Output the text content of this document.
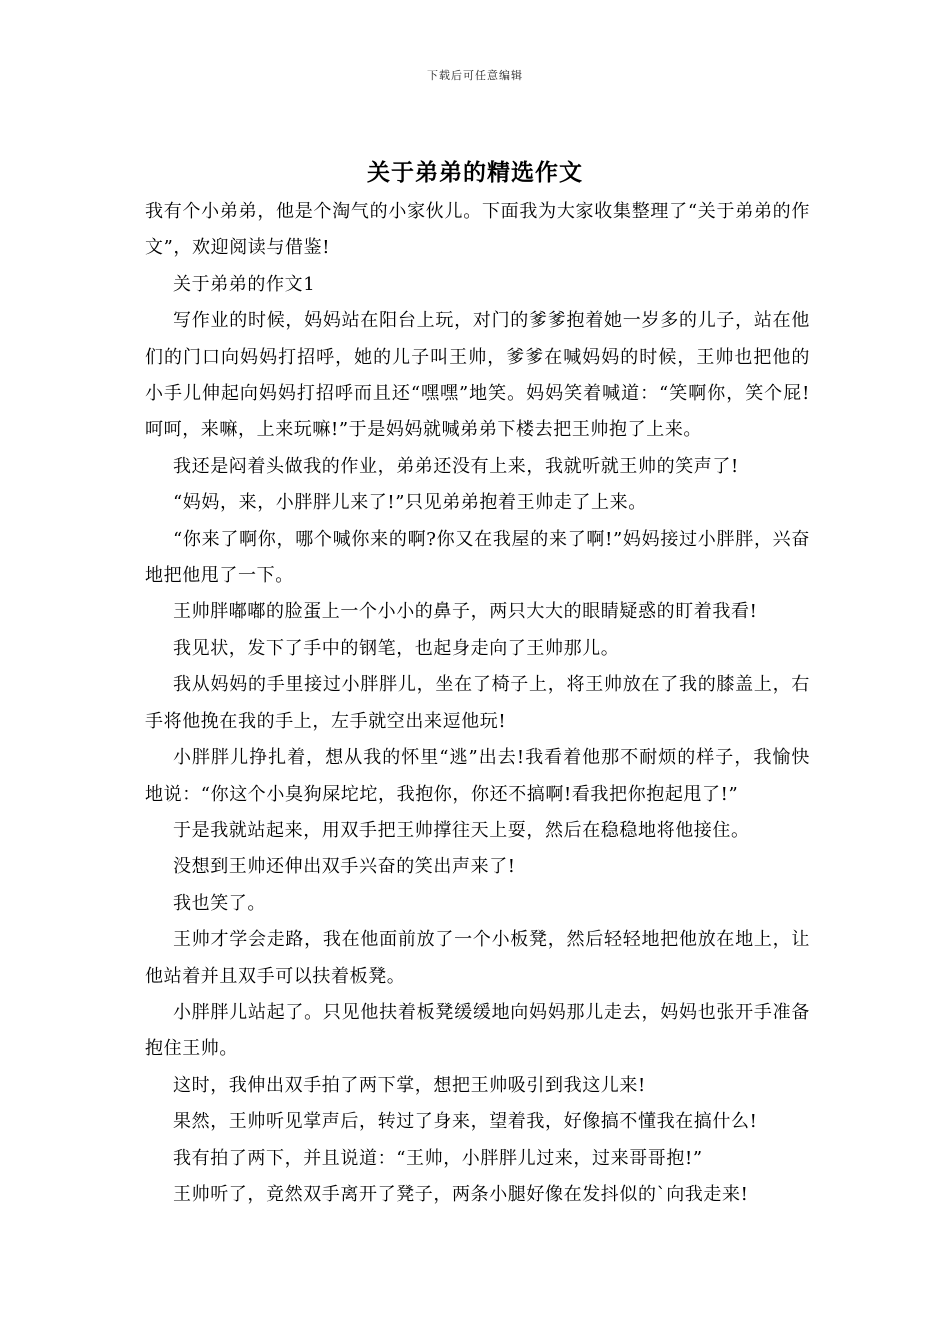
下载后可任意编辑
关于弟弟的精选作文

我有个小弟弟，他是个淘气的小家伙儿。下面我为大家收集整理了“关于弟弟的作文”，欢迎阅读与借鉴!

关于弟弟的作文1

写作业的时候，妈妈站在阳台上玩，对门的爹爹抱着她一岁多的儿子，站在他们的门口向妈妈打招呼，她的儿子叫王帅，爹爹在喊妈妈的时候，王帅也把他的小手儿伸起向妈妈打招呼而且还“嘿嘿”地笑。妈妈笑着喊道：“笑啊你，笑个屁!呵呵，来嘛，上来玩嘛!”于是妈妈就喊弟弟下楼去把王帅抱了上来。

我还是闷着头做我的作业，弟弟还没有上来，我就听就王帅的笑声了!

“妈妈，来，小胖胖儿来了!”只见弟弟抱着王帅走了上来。

“你来了啊你，哪个喊你来的啊?你又在我屋的来了啊!”妈妈接过小胖胖，兴奋地把他甩了一下。

王帅胖嘟嘟的脸蛋上一个小小的鼻子，两只大大的眼睛疑惑的盯着我看!

我见状，发下了手中的钢笔，也起身走向了王帅那儿。

我从妈妈的手里接过小胖胖儿，坐在了椅子上，将王帅放在了我的膝盖上，右手将他挽在我的手上，左手就空出来逗他玩!

小胖胖儿挣扎着，想从我的怀里“逃”出去!我看着他那不耐烦的样子，我愉快地说：“你这个小臭狗屎坨坨，我抱你，你还不搞啊!看我把你抱起甩了!”

于是我就站起来，用双手把王帅撑往天上耍，然后在稳稳地将他接住。

没想到王帅还伸出双手兴奋的笑出声来了!

我也笑了。

王帅才学会走路，我在他面前放了一个小板凳，然后轻轻地把他放在地上，让他站着并且双手可以扶着板凳。

小胖胖儿站起了。只见他扶着板凳缓缓地向妈妈那儿走去，妈妈也张开手准备抱住王帅。

这时，我伸出双手拍了两下掌，想把王帅吸引到我这儿来!

果然，王帅听见掌声后，转过了身来，望着我，好像搞不懂我在搞什么!

我有拍了两下，并且说道：“王帅，小胖胖儿过来，过来哥哥抱!”

王帅听了，竟然双手离开了凳子，两条小腿好像在发抖似的`向我走来!
